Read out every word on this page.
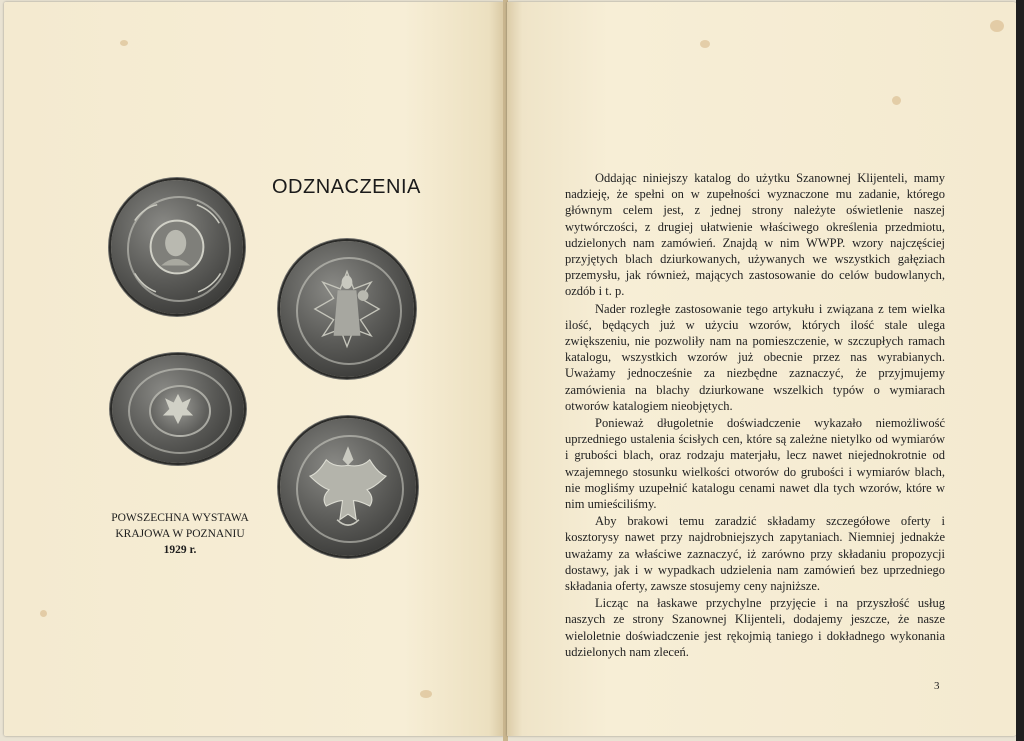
ODZNACZENIA
POWSZECHNA WYSTAWA
KRAJOWA W POZNANIU
1929 r.

Oddając niniejszy katalog do użytku Szanownej Klijenteli, mamy nadzieję, że spełni on w zupełności wyznaczone mu zadanie, którego głównym celem jest, z jednej strony należyte oświetlenie naszej wytwórczości, z drugiej ułatwienie właściwego określenia przedmiotu, udzielonych nam zamówień. Znajdą w nim WWPP. wzory najczęściej przyjętych blach dziurkowanych, używanych we wszystkich gałęziach przemysłu, jak również, mających zastosowanie do celów budowlanych, ozdób i t. p.

Nader rozległe zastosowanie tego artykułu i związana z tem wielka ilość, będących już w użyciu wzorów, których ilość stale ulega zwiększeniu, nie pozwoliły nam na pomieszczenie, w szczupłych ramach katalogu, wszystkich wzorów już obecnie przez nas wyrabianych. Uważamy jednocześnie za niezbędne zaznaczyć, że przyjmujemy zamówienia na blachy dziurkowane wszelkich typów o wymiarach otworów katalogiem nieobjętych.

Ponieważ długoletnie doświadczenie wykazało niemożliwość uprzedniego ustalenia ścisłych cen, które są zależne nietylko od wymiarów i grubości blach, oraz rodzaju materjału, lecz nawet niejednokrotnie od wzajemnego stosunku wielkości otworów do grubości i wymiarów blach, nie mogliśmy uzupełnić katalogu cenami nawet dla tych wzorów, które w nim umieściliśmy.

Aby brakowi temu zaradzić składamy szczegółowe oferty i kosztorysy nawet przy najdrobniejszych zapytaniach. Niemniej jednakże uważamy za właściwe zaznaczyć, iż zarówno przy składaniu propozycji dostawy, jak i w wypadkach udzielenia nam zamówień bez uprzedniego składania oferty, zawsze stosujemy ceny najniższe.

Licząc na łaskawe przychylne przyjęcie i na przyszłość usług naszych ze strony Szanownej Klijenteli, dodajemy jeszcze, że nasze wieloletnie doświadczenie jest rękojmią taniego i dokładnego wykonania udzielonych nam zleceń.

3
